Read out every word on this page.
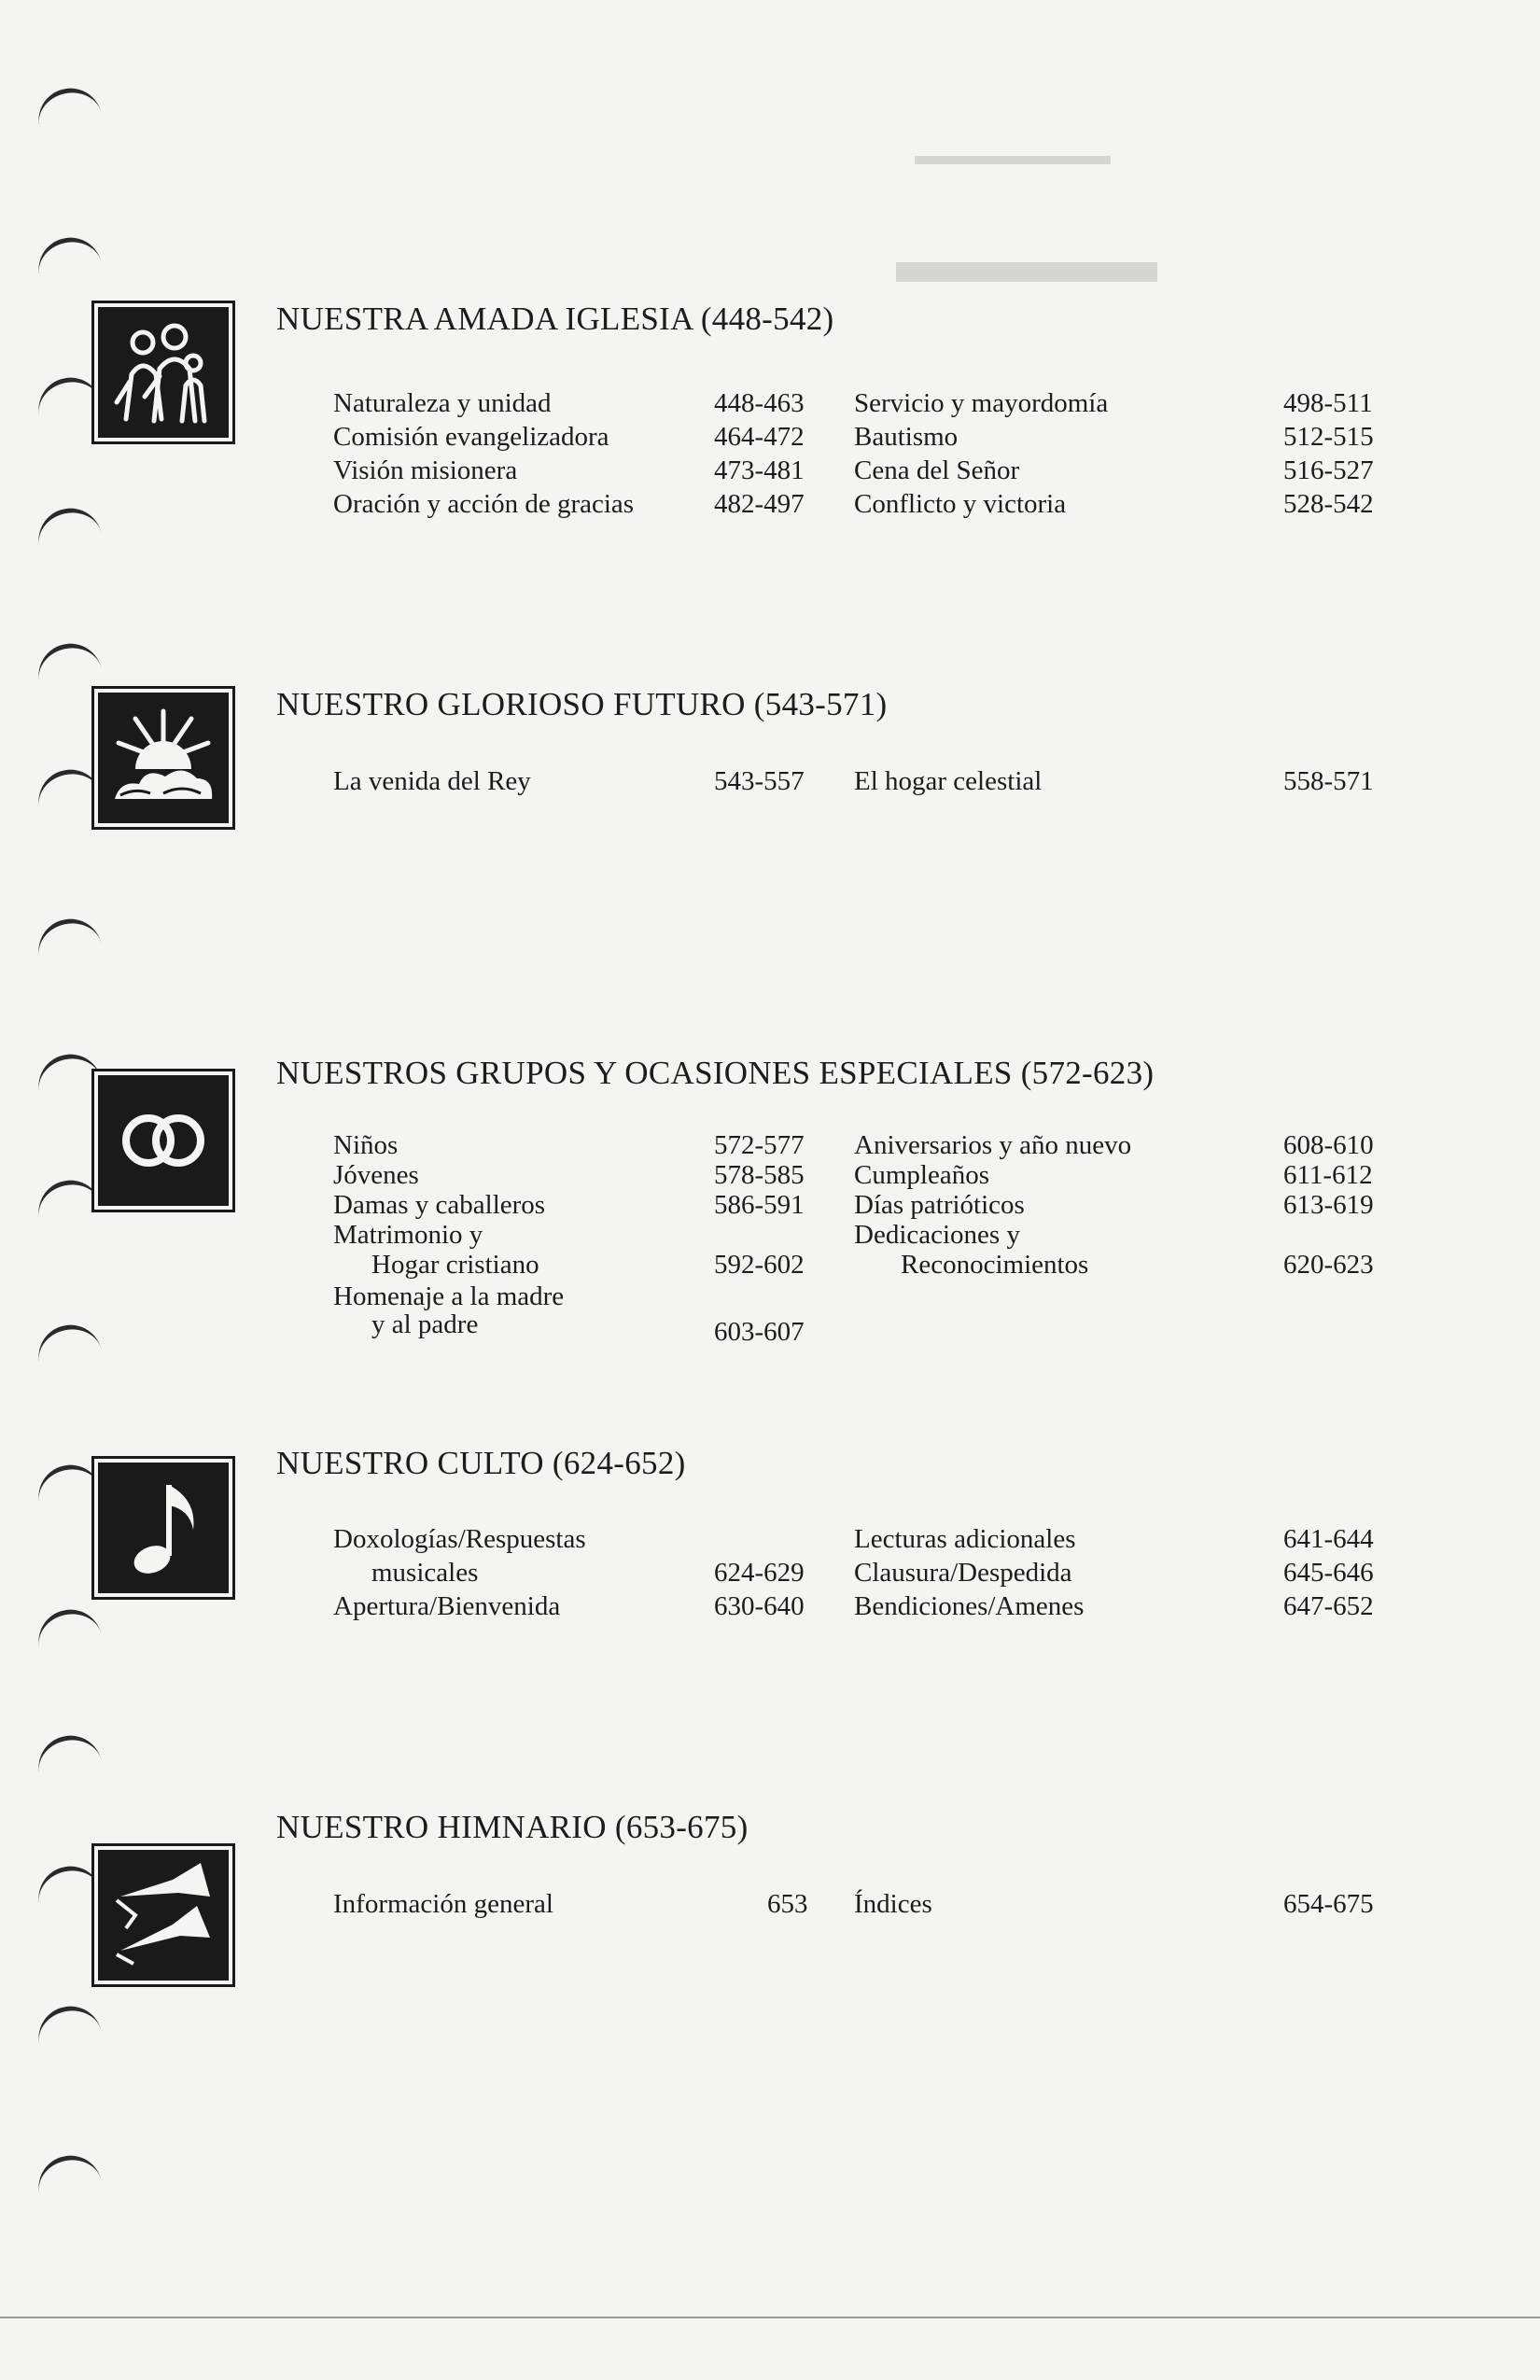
▬▬▬▬▬▬▬
▬▬▬▬
NUESTRA AMADA IGLESIA (448-542)
Naturaleza y unidad	448-463 Servicio y mayordomía	498-511
Comisión evangelizadora	464-472 Bautismo	512-515
Visión misionera	473-481 Cena del Señor	516-527
Oración y acción de gracias	482-497 Conflicto y victoria	528-542
NUESTRO GLORIOSO FUTURO (543-571)
La venida del Rey	543-557 El hogar celestial	558-571
NUESTROS GRUPOS Y OCASIONES ESPECIALES (572-623)
Niños	572-577 Aniversarios y año nuevo	608-610
Jóvenes	578-585 Cumpleaños	611-612
Damas y caballeros	586-591 Días patrióticos	613-619
Matrimonio y	Dedicaciones y
Hogar cristiano	592-602	Reconocimientos	620-623
Homenaje a la madre
y al padre	603-607
NUESTRO CULTO (624-652)
Doxologías/Respuestas	Lecturas adicionales	641-644
musicales	624-629 Clausura/Despedida	645-646
Apertura/Bienvenida	630-640 Bendiciones/Amenes	647-652
NUESTRO HIMNARIO (653-675)
Información general	653 Índices	654-675
